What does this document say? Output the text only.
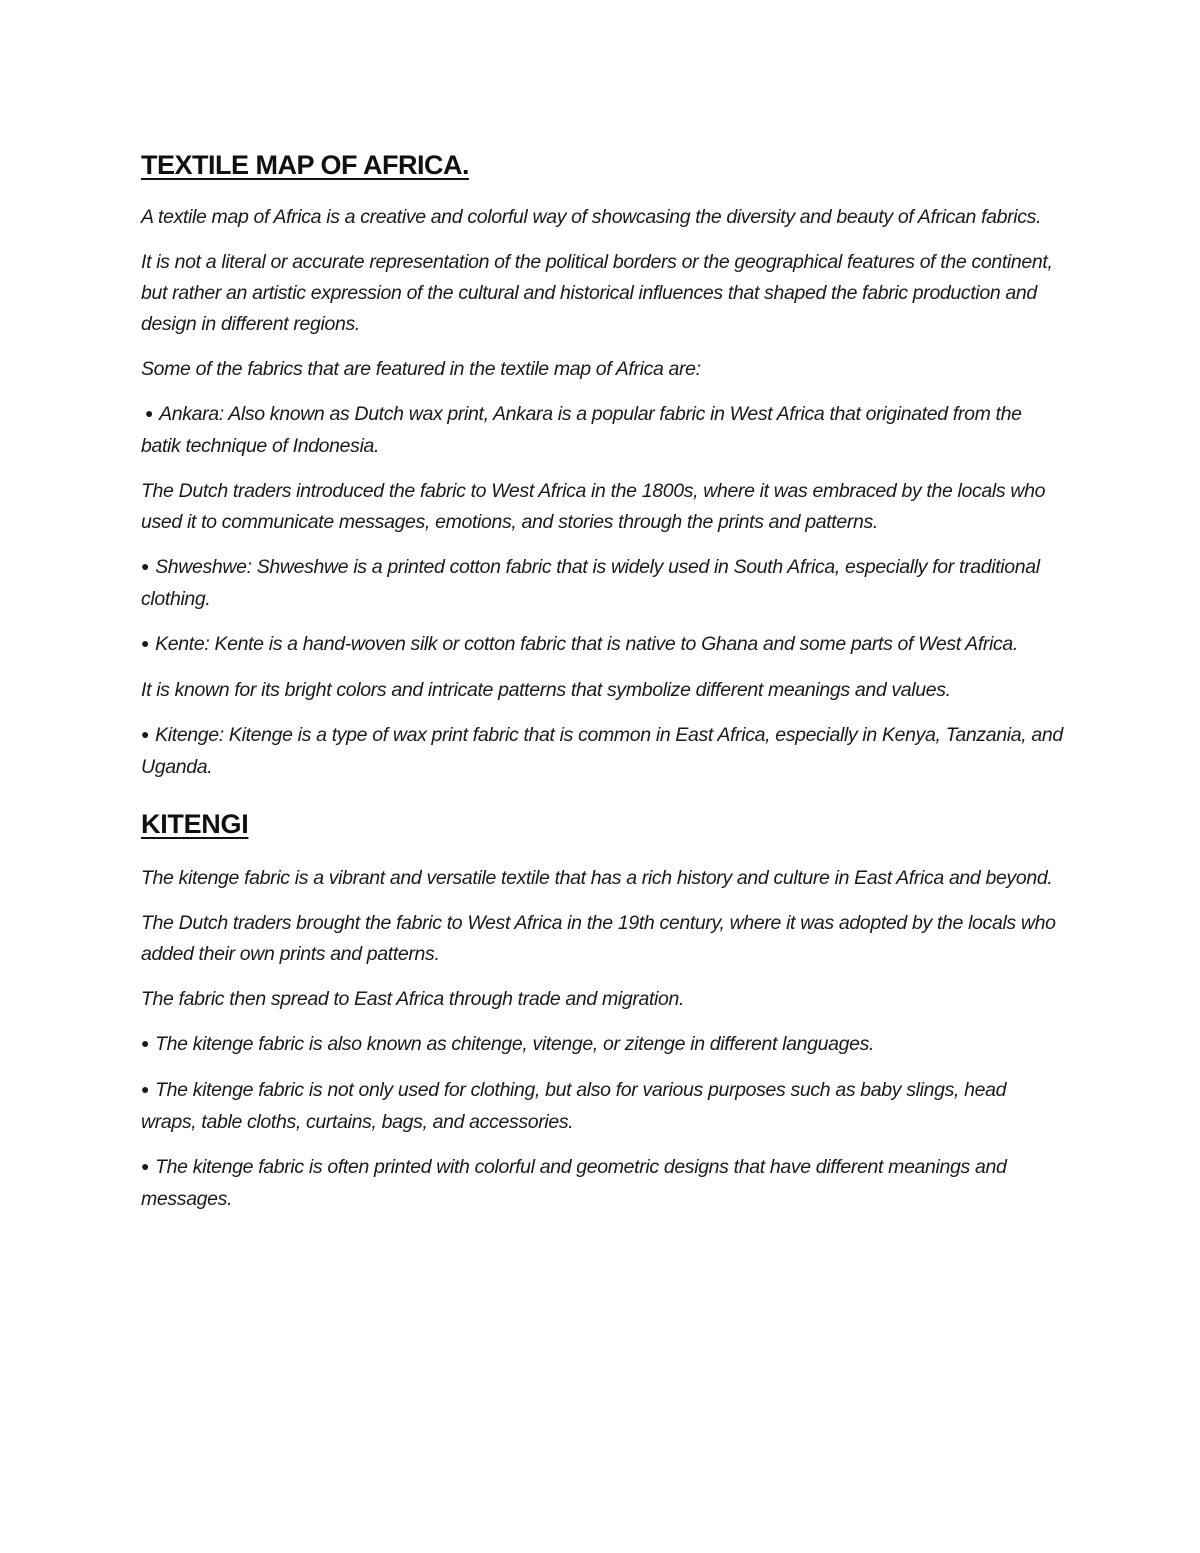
TEXTILE MAP OF AFRICA.

A textile map of Africa is a creative and colorful way of showcasing the diversity and beauty of African fabrics.

It is not a literal or accurate representation of the political borders or the geographical features of the continent, but rather an artistic expression of the cultural and historical influences that shaped the fabric production and design in different regions.

Some of the fabrics that are featured in the textile map of Africa are:

●Ankara: Also known as Dutch wax print, Ankara is a popular fabric in West Africa that originated from the batik technique of Indonesia.

The Dutch traders introduced the fabric to West Africa in the 1800s, where it was embraced by the locals who used it to communicate messages, emotions, and stories through the prints and patterns.

●Shweshwe: Shweshwe is a printed cotton fabric that is widely used in South Africa, especially for traditional clothing.

●Kente: Kente is a hand-woven silk or cotton fabric that is native to Ghana and some parts of West Africa.

It is known for its bright colors and intricate patterns that symbolize different meanings and values.

●Kitenge: Kitenge is a type of wax print fabric that is common in East Africa, especially in Kenya, Tanzania, and Uganda.

KITENGI

The kitenge fabric is a vibrant and versatile textile that has a rich history and culture in East Africa and beyond.

The Dutch traders brought the fabric to West Africa in the 19th century, where it was adopted by the locals who added their own prints and patterns.

The fabric then spread to East Africa through trade and migration.

●The kitenge fabric is also known as chitenge, vitenge, or zitenge in different languages.

●The kitenge fabric is not only used for clothing, but also for various purposes such as baby slings, head wraps, table cloths, curtains, bags, and accessories.

●The kitenge fabric is often printed with colorful and geometric designs that have different meanings and messages.
